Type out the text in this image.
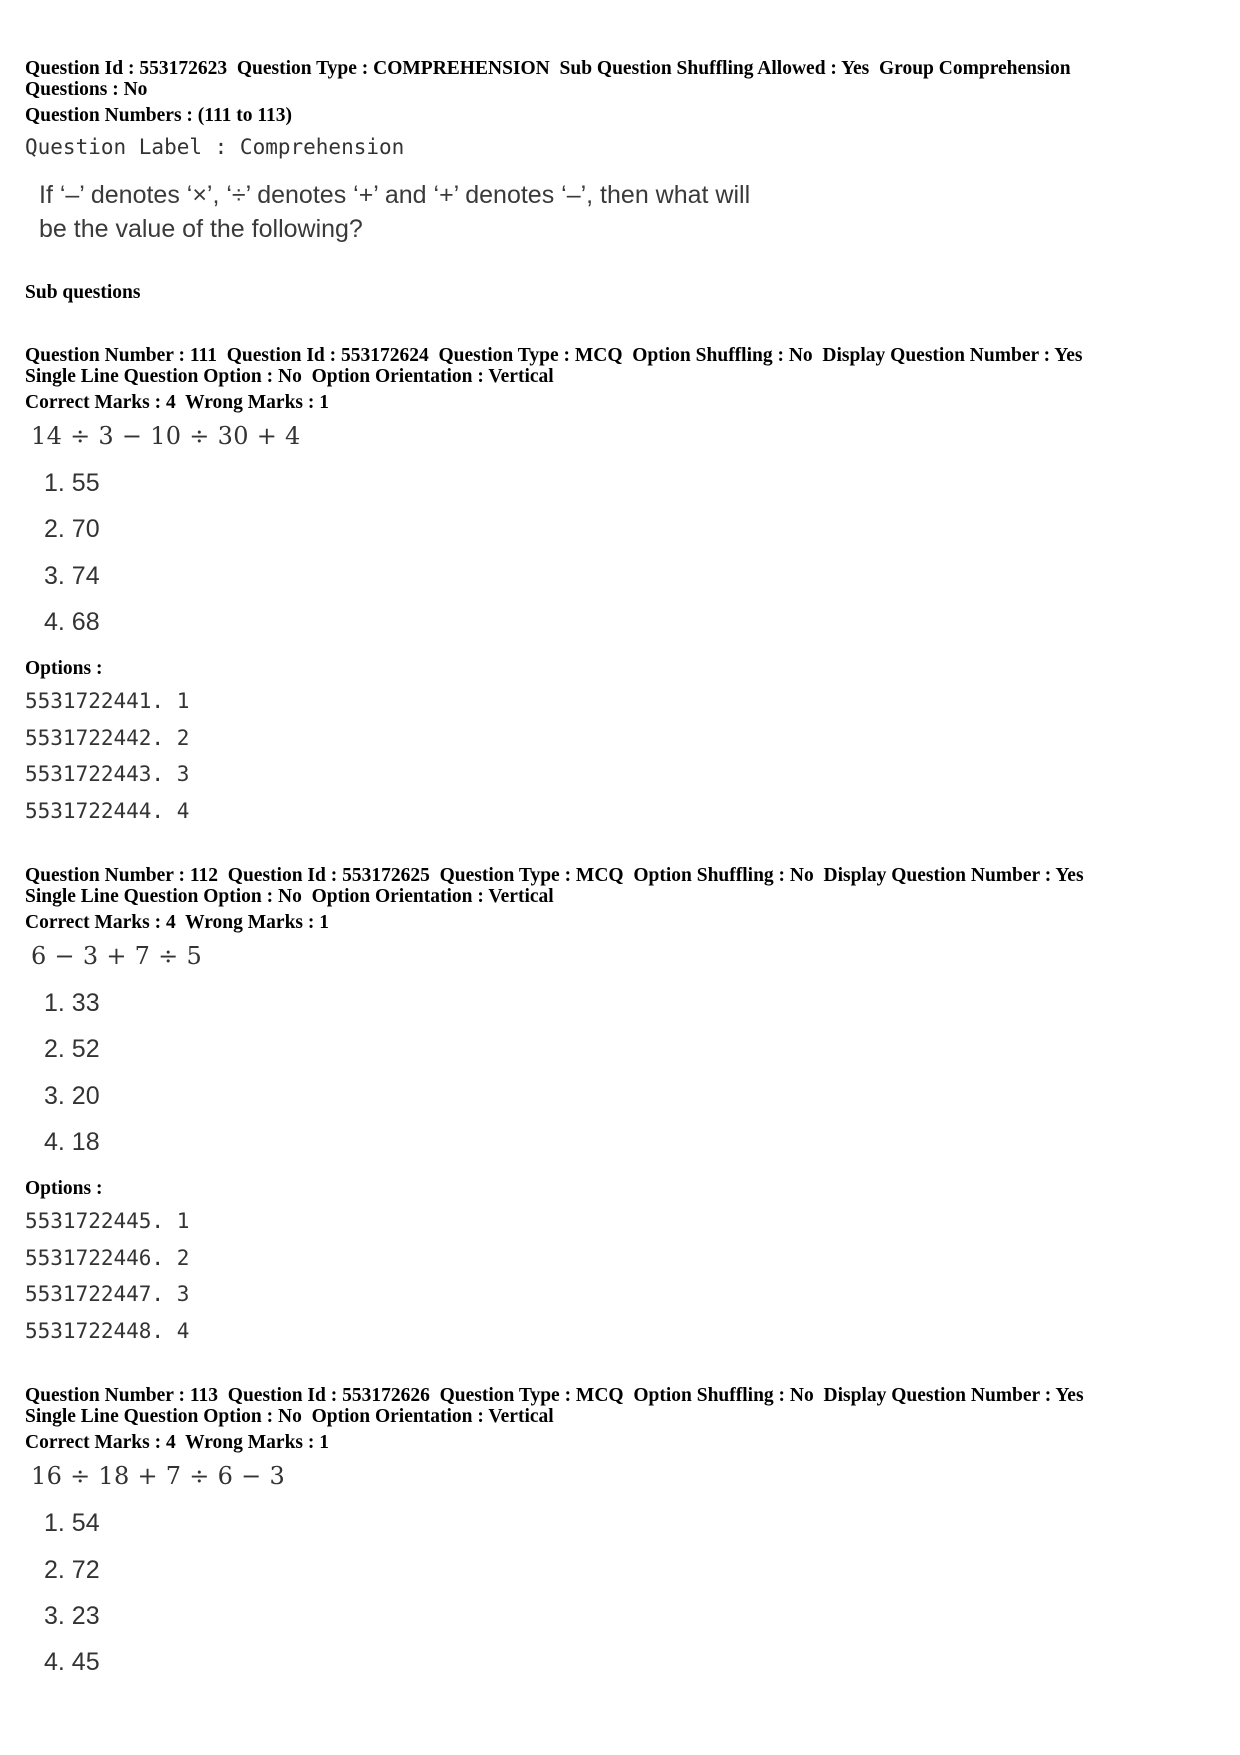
Question Id : 553172623  Question Type : COMPREHENSION  Sub Question Shuffling Allowed : Yes  Group Comprehension
Questions : No
Question Numbers : (111 to 113)
Question Label : Comprehension
If ‘–’ denotes ‘×’, ‘÷’ denotes ‘+’ and ‘+’ denotes ‘–’, then what will
be the value of the following?
Sub questions
Question Number : 111  Question Id : 553172624  Question Type : MCQ  Option Shuffling : No  Display Question Number : Yes
Single Line Question Option : No  Option Orientation : Vertical
Correct Marks : 4  Wrong Marks : 1
14 ÷ 3 − 10 ÷ 30 + 4
1. 55
2. 70
3. 74
4. 68
Options :
5531722441. 1
5531722442. 2
5531722443. 3
5531722444. 4
Question Number : 112  Question Id : 553172625  Question Type : MCQ  Option Shuffling : No  Display Question Number : Yes
Single Line Question Option : No  Option Orientation : Vertical
Correct Marks : 4  Wrong Marks : 1
6 − 3 + 7 ÷ 5
1. 33
2. 52
3. 20
4. 18
Options :
5531722445. 1
5531722446. 2
5531722447. 3
5531722448. 4
Question Number : 113  Question Id : 553172626  Question Type : MCQ  Option Shuffling : No  Display Question Number : Yes
Single Line Question Option : No  Option Orientation : Vertical
Correct Marks : 4  Wrong Marks : 1
16 ÷ 18 + 7 ÷ 6 − 3
1. 54
2. 72
3. 23
4. 45
